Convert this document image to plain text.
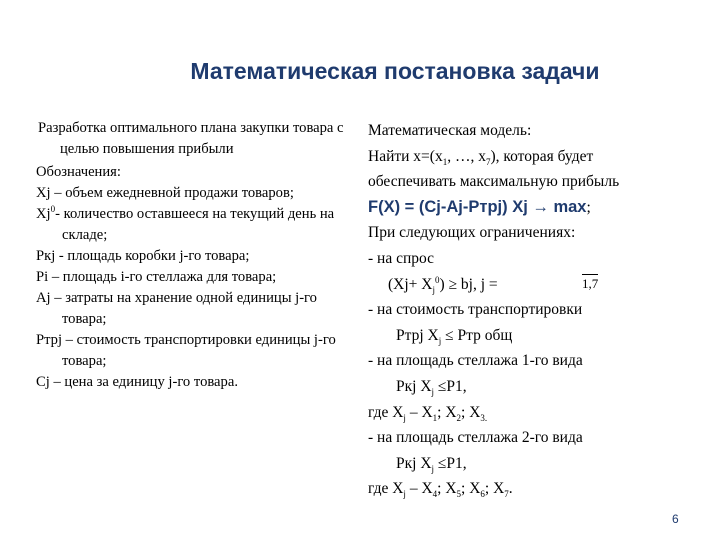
Математическая постановка задачи

Разработка оптимального плана закупки товара с целью повышения прибыли

Обозначения:

Xj – объем ежедневной продажи товаров;

Xj$^0$- количество оставшееся на текущий день на складе;

Ркj - площадь коробки j-го товара;

Рi – площадь i-го стеллажа для товара;

Аj – затраты на хранение одной единицы j-го товара;

Ртрj – стоимость транспортировки единицы j-го товара;

Сj – цена за единицу j-го товара.

Математическая модель:

Найти $x=(x_1$, …, $x_7$), которая будет

обеспечивать максимальную прибыль

F(X) = (Сj-Аj-Ртрj) Xj → max;

При следующих ограничениях:

- на спрос

$(Xj+ X_j^0)$ ≥ bj, j =

- на стоимость транспортировки

Ртрj $X_j$ ≤ Ртр общ

- на площадь стеллажа 1-го вида

Ркj $X_j \le Р1$,

где $X_j - X_1$; $X_2$; $X_{3.}$

- на площадь стеллажа 2-го вида

Ркj $X_j \le Р1$,

где $X_j - X_4$; $X_5$; $X_6$; $X_7$.

1,7
6
